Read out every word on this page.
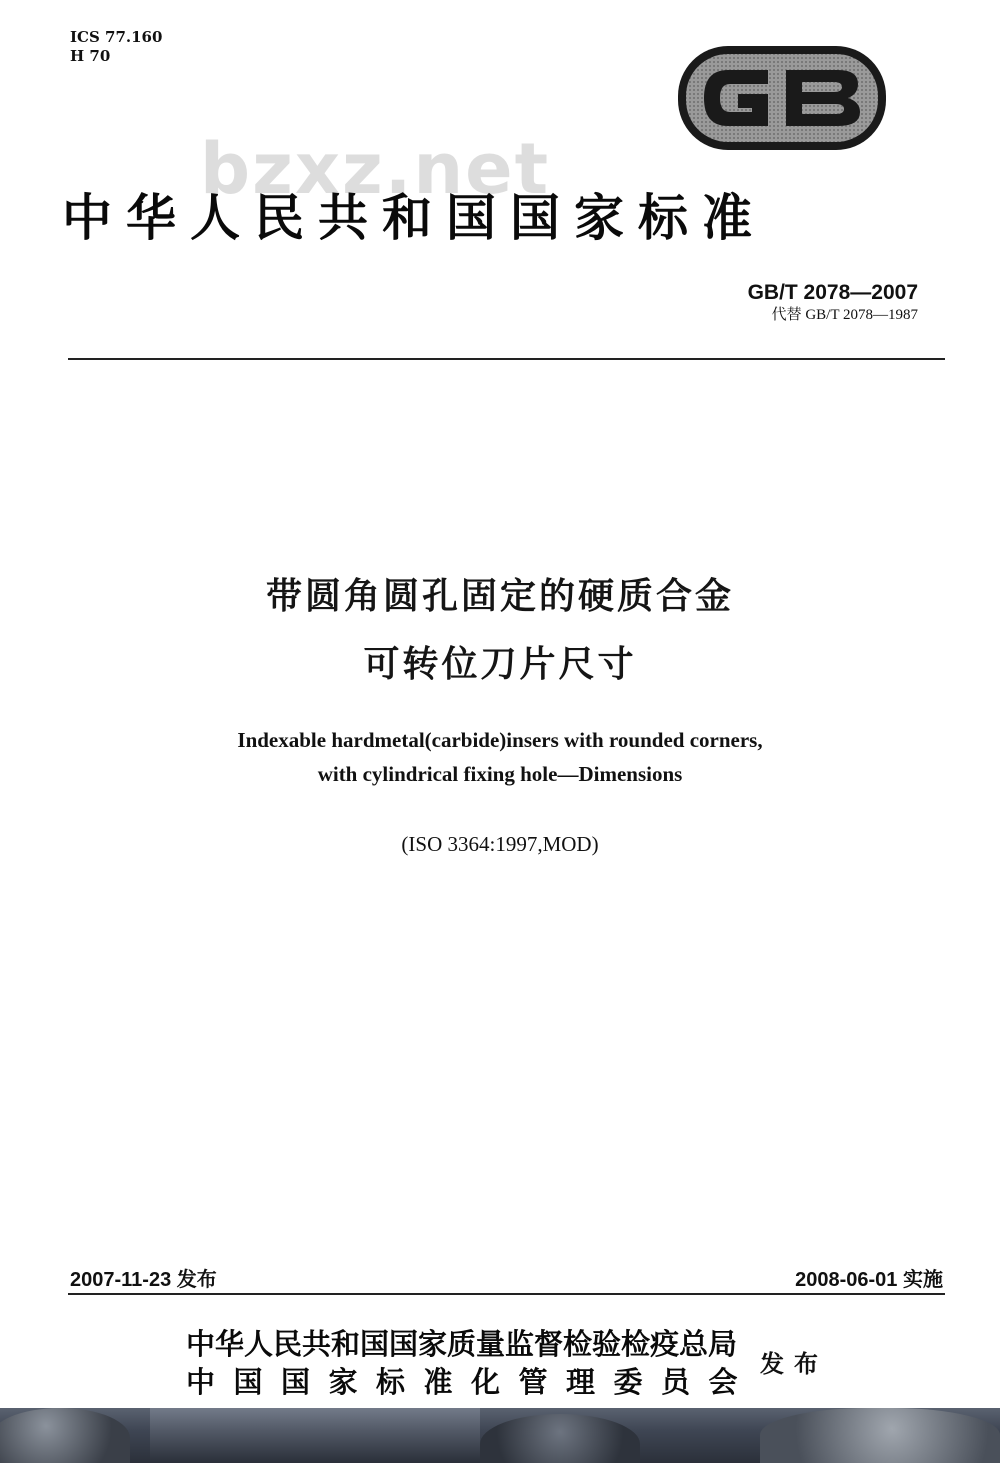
ICS 77.160
H 70
bzxz.net
中华人民共和国国家标准
GB/T 2078—2007
代替 GB/T 2078—1987
带圆角圆孔固定的硬质合金
可转位刀片尺寸
Indexable hardmetal(carbide)insers with rounded corners,
with cylindrical fixing hole—Dimensions
(ISO 3364:1997,MOD)
2007-11-23 发布	2008-06-01 实施
中华人民共和国国家质量监督检验检疫总局
中国国家标准化管理委员会
发布
